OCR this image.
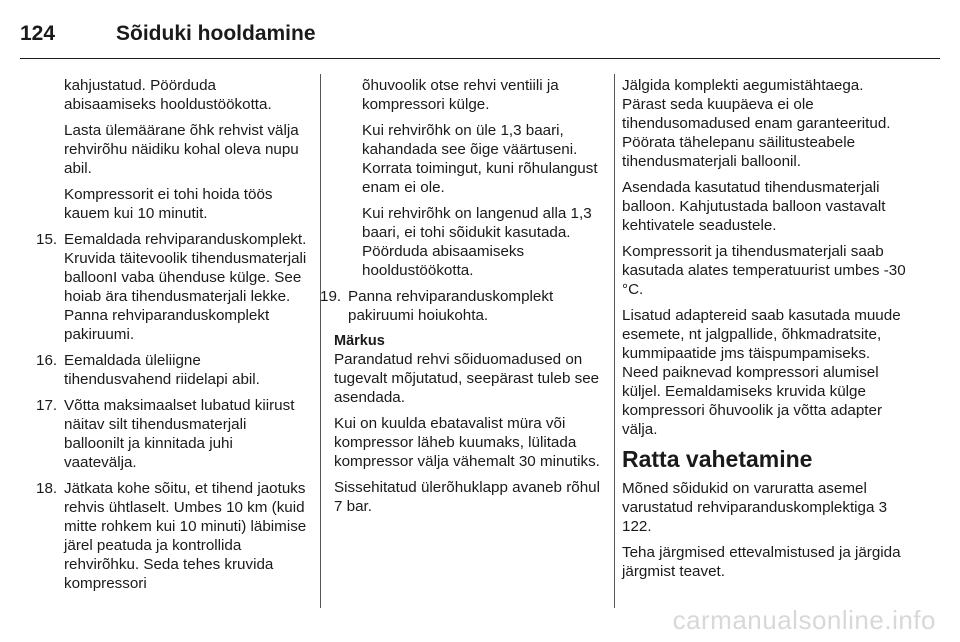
124	Sõiduki hooldamine

kahjustatud. Pöörduda abisaamiseks hooldustöökotta.

Lasta ülemäärane õhk rehvist välja rehvirõhu näidiku kohal oleva nupu abil.

Kompressorit ei tohi hoida töös kauem kui 10 minutit.

15. Eemaldada rehviparanduskomplekt. Kruvida täitevoolik tihendusmaterjali balloonI vaba ühenduse külge. See hoiab ära tihendusmaterjali lekke. Panna rehviparanduskomplekt pakiruumi.
16. Eemaldada üleliigne tihendusvahend riidelapi abil.
17. Võtta maksimaalset lubatud kiirust näitav silt tihendusmaterjali balloonilt ja kinnitada juhi vaatevälja.
18. Jätkata kohe sõitu, et tihend jaotuks rehvis ühtlaselt. Umbes 10 km (kuid mitte rohkem kui 10 minuti) läbimise järel peatuda ja kontrollida rehvirõhku. Seda tehes kruvida kompressori

õhuvoolik otse rehvi ventiili ja kompressori külge.

Kui rehvirõhk on üle 1,3 baari, kahandada see õige väärtuseni. Korrata toimingut, kuni rõhulangust enam ei ole.

Kui rehvirõhk on langenud alla 1,3 baari, ei tohi sõidukit kasutada. Pöörduda abisaamiseks hooldustöökotta.

19. Panna rehviparanduskomplekt pakiruumi hoiukohta.

Märkus

Parandatud rehvi sõiduomadused on tugevalt mõjutatud, seepärast tuleb see asendada.

Kui on kuulda ebatavalist müra või kompressor läheb kuumaks, lülitada kompressor välja vähemalt 30 minutiks.

Sissehitatud ülerõhuklapp avaneb rõhul 7 bar.

Jälgida komplekti aegumistähtaega. Pärast seda kuupäeva ei ole tihendusomadused enam garanteeritud. Pöörata tähelepanu säilitusteabele tihendusmaterjali balloonil.

Asendada kasutatud tihendusmaterjali balloon. Kahjutustada balloon vastavalt kehtivatele seadustele.

Kompressorit ja tihendusmaterjali saab kasutada alates temperatuurist umbes -30 °C.

Lisatud adaptereid saab kasutada muude esemete, nt jalgpallide, õhkmadratsite, kummipaatide jms täispumpamiseks. Need paiknevad kompressori alumisel küljel. Eemaldamiseks kruvida külge kompressori õhuvoolik ja võtta adapter välja.

Ratta vahetamine

Mõned sõidukid on varuratta asemel varustatud rehviparanduskomplektiga 3 122.

Teha järgmised ettevalmistused ja järgida järgmist teavet.

carmanualsonline.info
